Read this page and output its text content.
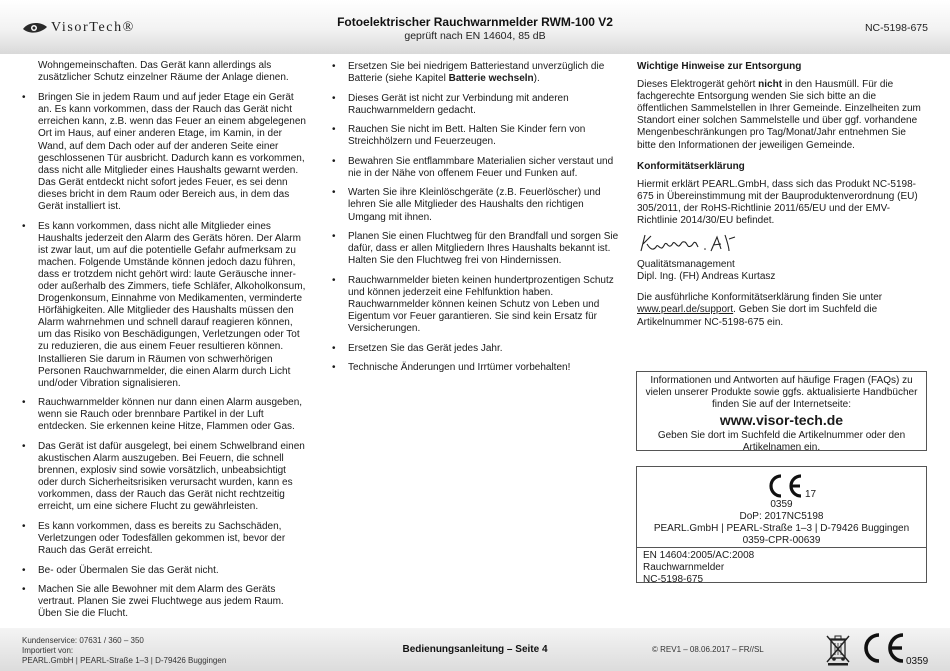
VisorTech®	Fotoelektrischer Rauchwarnmelder RWM-100 V2
geprüft nach EN 14604, 85 dB
NC-5198-675

Wohngemeinschaften. Das Gerät kann allerdings als zusätzlicher Schutz einzelner Räume der Anlage dienen.

• Bringen Sie in jedem Raum und auf jeder Etage ein Gerät an. Es kann vorkommen, dass der Rauch das Gerät nicht erreichen kann, z.B. wenn das Feuer an einem abgelegenen Ort im Haus, auf einer anderen Etage, im Kamin, in der Wand, auf dem Dach oder auf der anderen Seite einer geschlossenen Tür ausbricht. Dadurch kann es vorkommen, dass nicht alle Mitglieder eines Haushalts gewarnt werden. Das Gerät entdeckt nicht sofort jedes Feuer, es sei denn dieses bricht in dem Raum oder Bereich aus, in dem das Gerät installiert ist.
• Es kann vorkommen, dass nicht alle Mitglieder eines Haushalts jederzeit den Alarm des Geräts hören. Der Alarm ist zwar laut, um auf die potentielle Gefahr aufmerksam zu machen. Folgende Umstände können jedoch dazu führen, dass er trotzdem nicht gehört wird: laute Geräusche inner- oder außerhalb des Zimmers, tiefe Schläfer, Alkoholkonsum, Drogenkonsum, Einnahme von Medikamenten, verminderte Hörfähigkeiten. Alle Mitglieder des Haushalts müssen den Alarm wahrnehmen und schnell darauf reagieren können, um das Risiko von Beschädigungen, Verletzungen oder Tot zu reduzieren, die aus einem Feuer resultieren können. Installieren Sie darum in Räumen von schwerhörigen Personen Rauchwarnmelder, die einen Alarm durch Licht und/oder Vibration signalisieren.
• Rauchwarnmelder können nur dann einen Alarm ausgeben, wenn sie Rauch oder brennbare Partikel in der Luft entdecken. Sie erkennen keine Hitze, Flammen oder Gas.
• Das Gerät ist dafür ausgelegt, bei einem Schwelbrand einen akustischen Alarm auszugeben. Bei Feuern, die schnell brennen, explosiv sind sowie vorsätzlich, unbeabsichtigt oder durch Sicherheitsrisiken verursacht wurden, kann es vorkommen, dass der Rauch das Gerät nicht rechtzeitig erreicht, um eine sichere Flucht zu gewährleisten.
• Es kann vorkommen, dass es bereits zu Sachschäden, Verletzungen oder Todesfällen gekommen ist, bevor der Rauch das Gerät erreicht.
• Be- oder Übermalen Sie das Gerät nicht.
• Machen Sie alle Bewohner mit dem Alarm des Geräts vertraut. Planen Sie zwei Fluchtwege aus jedem Raum. Üben Sie die Flucht.
• Ersetzen Sie bei niedrigem Batteriestand unverzüglich die Batterie (siehe Kapitel Batterie wechseln).
• Dieses Gerät ist nicht zur Verbindung mit anderen Rauchwarnmeldern gedacht.
• Rauchen Sie nicht im Bett. Halten Sie Kinder fern von Streichhölzern und Feuerzeugen.
• Bewahren Sie entflammbare Materialien sicher verstaut und nie in der Nähe von offenem Feuer und Funken auf.
• Warten Sie ihre Kleinlöschgeräte (z.B. Feuerlöscher) und lehren Sie alle Mitglieder des Haushalts den richtigen Umgang mit ihnen.
• Planen Sie einen Fluchtweg für den Brandfall und sorgen Sie dafür, dass er allen Mitgliedern Ihres Haushalts bekannt ist. Halten Sie den Fluchtweg frei von Hindernissen.
• Rauchwarnmelder bieten keinen hundertprozentigen Schutz und können jederzeit eine Fehlfunktion haben. Rauchwarnmelder können keinen Schutz von Leben und Eigentum vor Feuer garantieren. Sie sind kein Ersatz für Versicherungen.
• Ersetzen Sie das Gerät jedes Jahr.
• Technische Änderungen und Irrtümer vorbehalten!
Wichtige Hinweise zur Entsorgung

Dieses Elektrogerät gehört nicht in den Hausmüll. Für die fachgerechte Entsorgung wenden Sie sich bitte an die öffentlichen Sammelstellen in Ihrer Gemeinde. Einzelheiten zum Standort einer solchen Sammelstelle und über ggf. vorhandene Mengenbeschränkungen pro Tag/Monat/Jahr entnehmen Sie bitte den Informationen der jeweiligen Gemeinde.

Konformitätserklärung

Hiermit erklärt PEARL.GmbH, dass sich das Produkt NC-5198-675 in Übereinstimmung mit der Bauproduktenverordnung (EU) 305/2011, der RoHS-Richtlinie 2011/65/EU und der EMV-Richtlinie 2014/30/EU befindet.

Qualitätsmanagement
Dipl. Ing. (FH) Andreas Kurtasz

Die ausführliche Konformitätserklärung finden Sie unter www.pearl.de/support. Geben Sie dort im Suchfeld die Artikelnummer NC-5198-675 ein.

Informationen und Antworten auf häufige Fragen (FAQs) zu vielen unserer Produkte sowie ggfs. aktualisierte Handbücher finden Sie auf der Internetseite:
www.visor-tech.de
Geben Sie dort im Suchfeld die Artikelnummer oder den Artikelnamen ein.
17
0359
DoP: 2017NC5198
PEARL.GmbH | PEARL-Straße 1–3 | D-79426 Buggingen
0359-CPR-00639
EN 14604:2005/AC:2008
Rauchwarnmelder
NC-5198-675
Kundenservice: 07631 / 360 – 350
Importiert von:
PEARL.GmbH | PEARL-Straße 1–3 | D-79426 Buggingen
Bedienungsanleitung – Seite 4	© REV1 – 08.06.2017 – FR//SL
0359
